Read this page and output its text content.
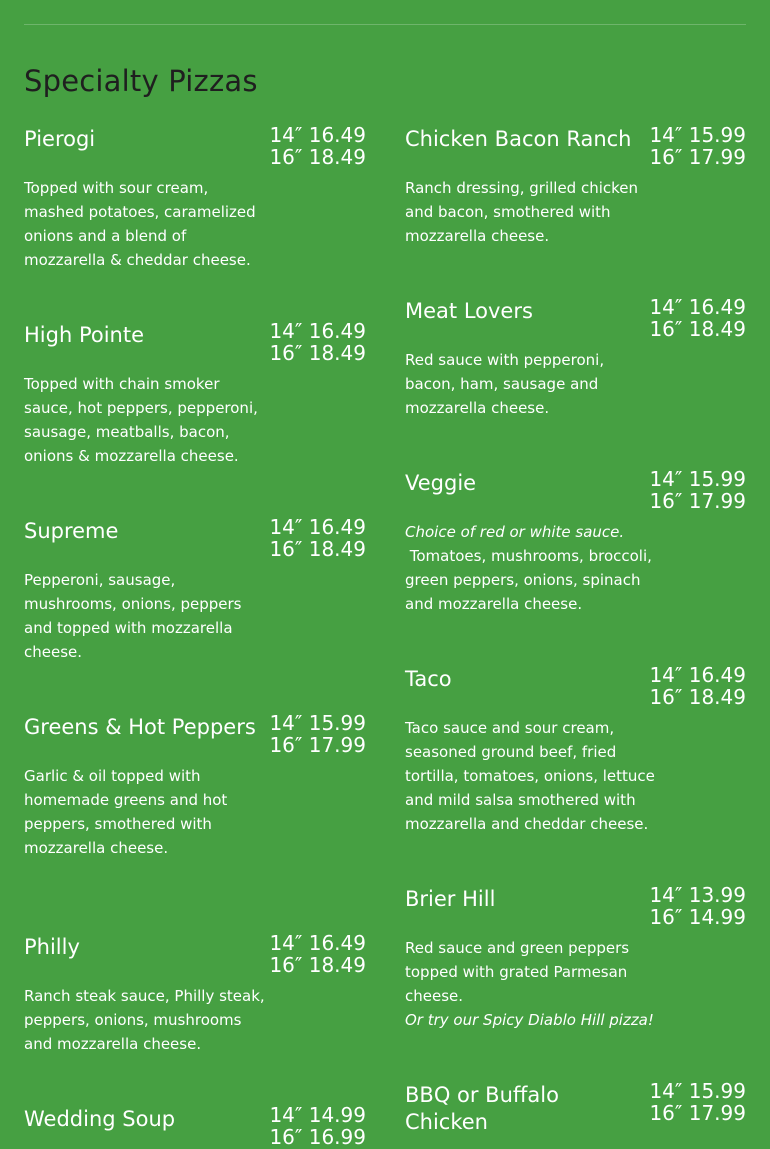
Specialty Pizzas
Pierogi	14″ 16.49
16″ 18.49
Topped with sour cream, mashed potatoes, caramelized onions and a blend of mozzarella & cheddar cheese.
High Pointe	14″ 16.49
16″ 18.49
Topped with chain smoker sauce, hot peppers, pepperoni, sausage, meatballs, bacon, onions & mozzarella cheese.
Supreme	14″ 16.49
16″ 18.49
Pepperoni, sausage, mushrooms, onions, peppers and topped with mozzarella cheese.
Greens & Hot Peppers 14″ 15.99
16″ 17.99
Garlic & oil topped with homemade greens and hot peppers, smothered with mozzarella cheese.
Philly	14″ 16.49
16″ 18.49
Ranch steak sauce, Philly steak, peppers, onions, mushrooms and mozzarella cheese.
Wedding Soup	14″ 14.99
16″ 16.99
Chicken Bacon Ranch 14″ 15.99
16″ 17.99
Ranch dressing, grilled chicken and bacon, smothered with mozzarella cheese.
Meat Lovers	14″ 16.49
16″ 18.49
Red sauce with pepperoni, bacon, ham, sausage and mozzarella cheese.
Veggie	14″ 15.99
16″ 17.99
Choice of red or white sauce.
Tomatoes, mushrooms, broccoli, green peppers, onions, spinach and mozzarella cheese.
Taco	14″ 16.49
16″ 18.49
Taco sauce and sour cream, seasoned ground beef, fried tortilla, tomatoes, onions, lettuce and mild salsa smothered with mozzarella and cheddar cheese.
Brier Hill	14″ 13.99
16″ 14.99
Red sauce and green peppers topped with grated Parmesan cheese.
Or try our Spicy Diablo Hill pizza!
BBQ or Buffalo Chicken
14″ 15.99
16″ 17.99
